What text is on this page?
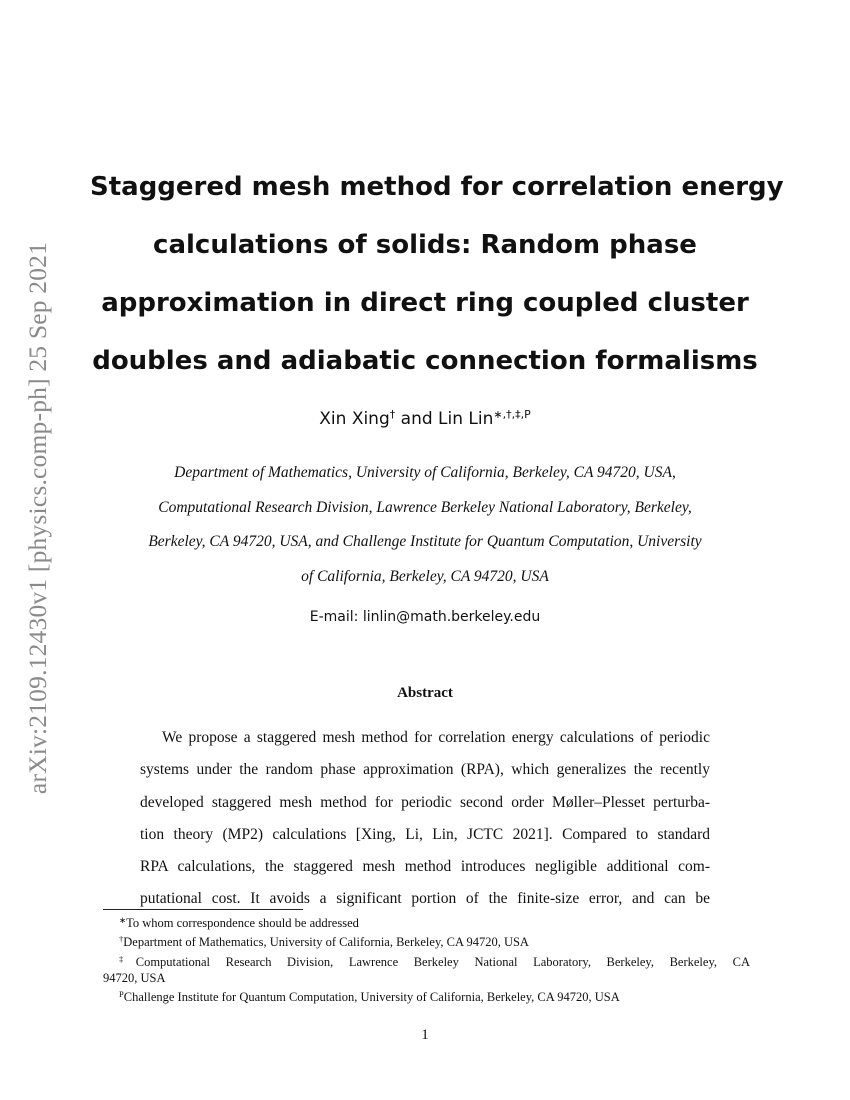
arXiv:2109.12430v1 [physics.comp-ph] 25 Sep 2021
Staggered mesh method for correlation energy
calculations of solids: Random phase
approximation in direct ring coupled cluster
doubles and adiabatic connection formalisms
Xin Xing† and Lin Lin$^{∗,\dagger,\ddagger,P}$
Department of Mathematics, University of California, Berkeley, CA 94720, USA,
Computational Research Division, Lawrence Berkeley National Laboratory, Berkeley,
Berkeley, CA 94720, USA, and Challenge Institute for Quantum Computation, University
of California, Berkeley, CA 94720, USA
E-mail: linlin@math.berkeley.edu
Abstract
We propose a staggered mesh method for correlation energy calculations of periodic
systems under the random phase approximation (RPA), which generalizes the recently
developed staggered mesh method for periodic second order Møller–Plesset perturba-
tion theory (MP2) calculations [Xing, Li, Lin, JCTC 2021]. Compared to standard
RPA calculations, the staggered mesh method introduces negligible additional com-
putational cost. It avoids a significant portion of the finite-size error, and can be
∗To whom correspondence should be addressed
†Department of Mathematics, University of California, Berkeley, CA 94720, USA
‡Computational Research Division, Lawrence Berkeley National Laboratory, Berkeley, Berkeley, CA
94720, USA
$^P$Challenge Institute for Quantum Computation, University of California, Berkeley, CA 94720, USA
1
